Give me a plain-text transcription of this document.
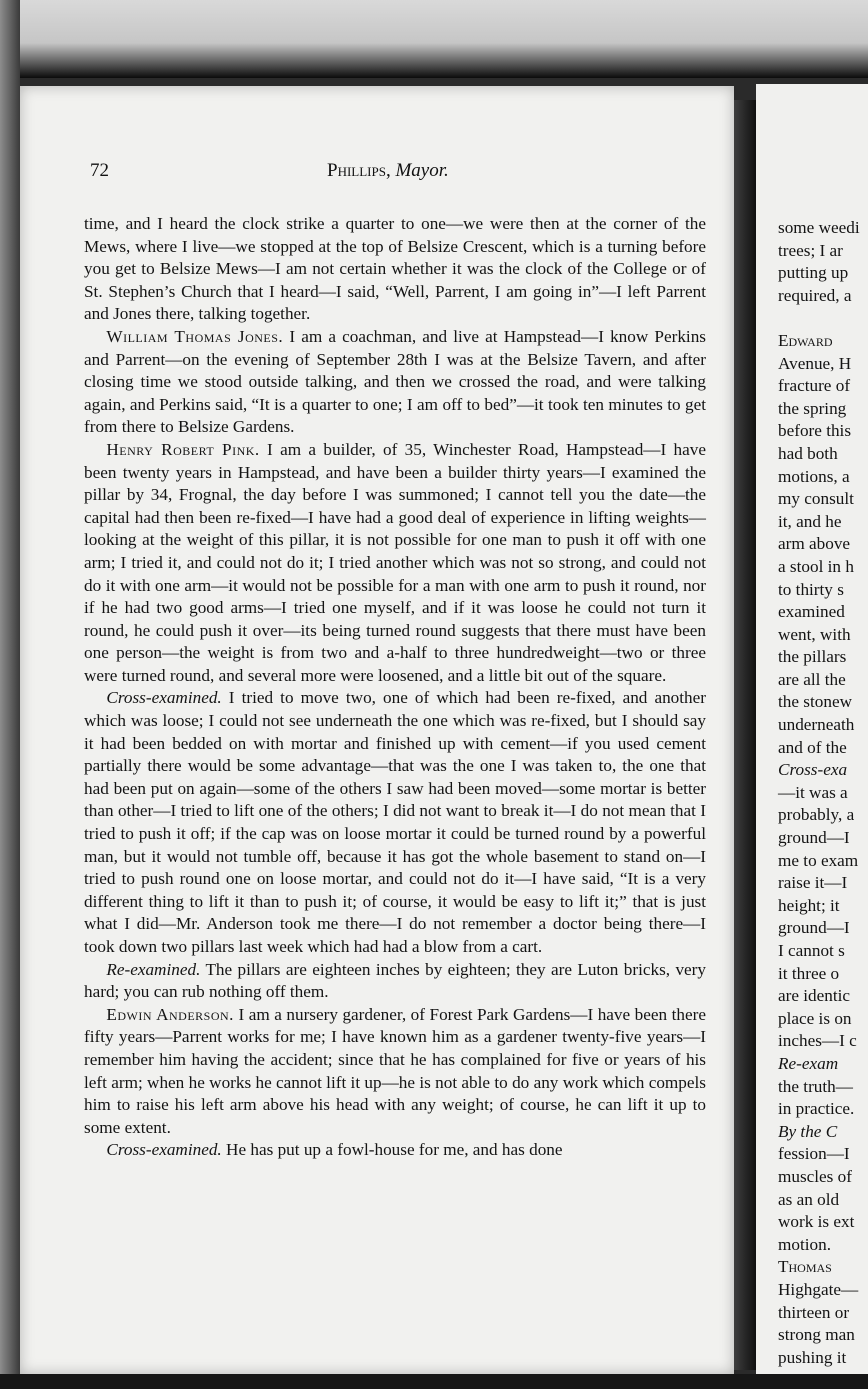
some weedi
trees; I ar
putting up
required, a
Edward
Avenue, H
fracture of
the spring
before this
had both
motions, a
my consult
it, and he
arm above
a stool in h
to thirty s
examined
went, with
the pillars
are all the
the stonew
underneath
and of the
Cross-exa
—it was a
probably, a
ground—I
me to exam
raise it—I
height; it
ground—I
I cannot s
it three o
are identic
place is on
inches—I c
Re-exam
the truth—
in practice.
By the C
fession—I
muscles of
as an old
work is ext
motion.
Thomas
Highgate—
thirteen or
strong man
pushing it
72	Phillips, Mayor.

time, and I heard the clock strike a quarter to one—we were then at the corner of the Mews, where I live—we stopped at the top of Belsize Crescent, which is a turning before you get to Belsize Mews—I am not certain whether it was the clock of the College or of St. Stephen’s Church that I heard—I said, “Well, Parrent, I am going in”—I left Parrent and Jones there, talking together.

William Thomas Jones. I am a coachman, and live at Hampstead—I know Perkins and Parrent—on the evening of September 28th I was at the Belsize Tavern, and after closing time we stood outside talking, and then we crossed the road, and were talking again, and Perkins said, “It is a quarter to one; I am off to bed”—it took ten minutes to get from there to Belsize Gardens.

Henry Robert Pink. I am a builder, of 35, Winchester Road, Hampstead—I have been twenty years in Hampstead, and have been a builder thirty years—I examined the pillar by 34, Frognal, the day before I was summoned; I cannot tell you the date—the capital had then been re-fixed—I have had a good deal of experience in lifting weights—looking at the weight of this pillar, it is not possible for one man to push it off with one arm; I tried it, and could not do it; I tried another which was not so strong, and could not do it with one arm—it would not be possible for a man with one arm to push it round, nor if he had two good arms—I tried one myself, and if it was loose he could not turn it round, he could push it over—its being turned round suggests that there must have been one person—the weight is from two and a-half to three hundredweight—two or three were turned round, and several more were loosened, and a little bit out of the square.

Cross-examined. I tried to move two, one of which had been re-fixed, and another which was loose; I could not see underneath the one which was re-fixed, but I should say it had been bedded on with mortar and finished up with cement—if you used cement partially there would be some advantage—that was the one I was taken to, the one that had been put on again—some of the others I saw had been moved—some mortar is better than other—I tried to lift one of the others; I did not want to break it—I do not mean that I tried to push it off; if the cap was on loose mortar it could be turned round by a powerful man, but it would not tumble off, because it has got the whole basement to stand on—I tried to push round one on loose mortar, and could not do it—I have said, “It is a very different thing to lift it than to push it; of course, it would be easy to lift it;” that is just what I did—Mr. Anderson took me there—I do not remember a doctor being there—I took down two pillars last week which had had a blow from a cart.

Re-examined. The pillars are eighteen inches by eighteen; they are Luton bricks, very hard; you can rub nothing off them.

Edwin Anderson. I am a nursery gardener, of Forest Park Gardens—I have been there fifty years—Parrent works for me; I have known him as a gardener twenty-five years—I remember him having the accident; since that he has complained for five or years of his left arm; when he works he cannot lift it up—he is not able to do any work which compels him to raise his left arm above his head with any weight; of course, he can lift it up to some extent.

Cross-examined. He has put up a fowl-house for me, and has done
